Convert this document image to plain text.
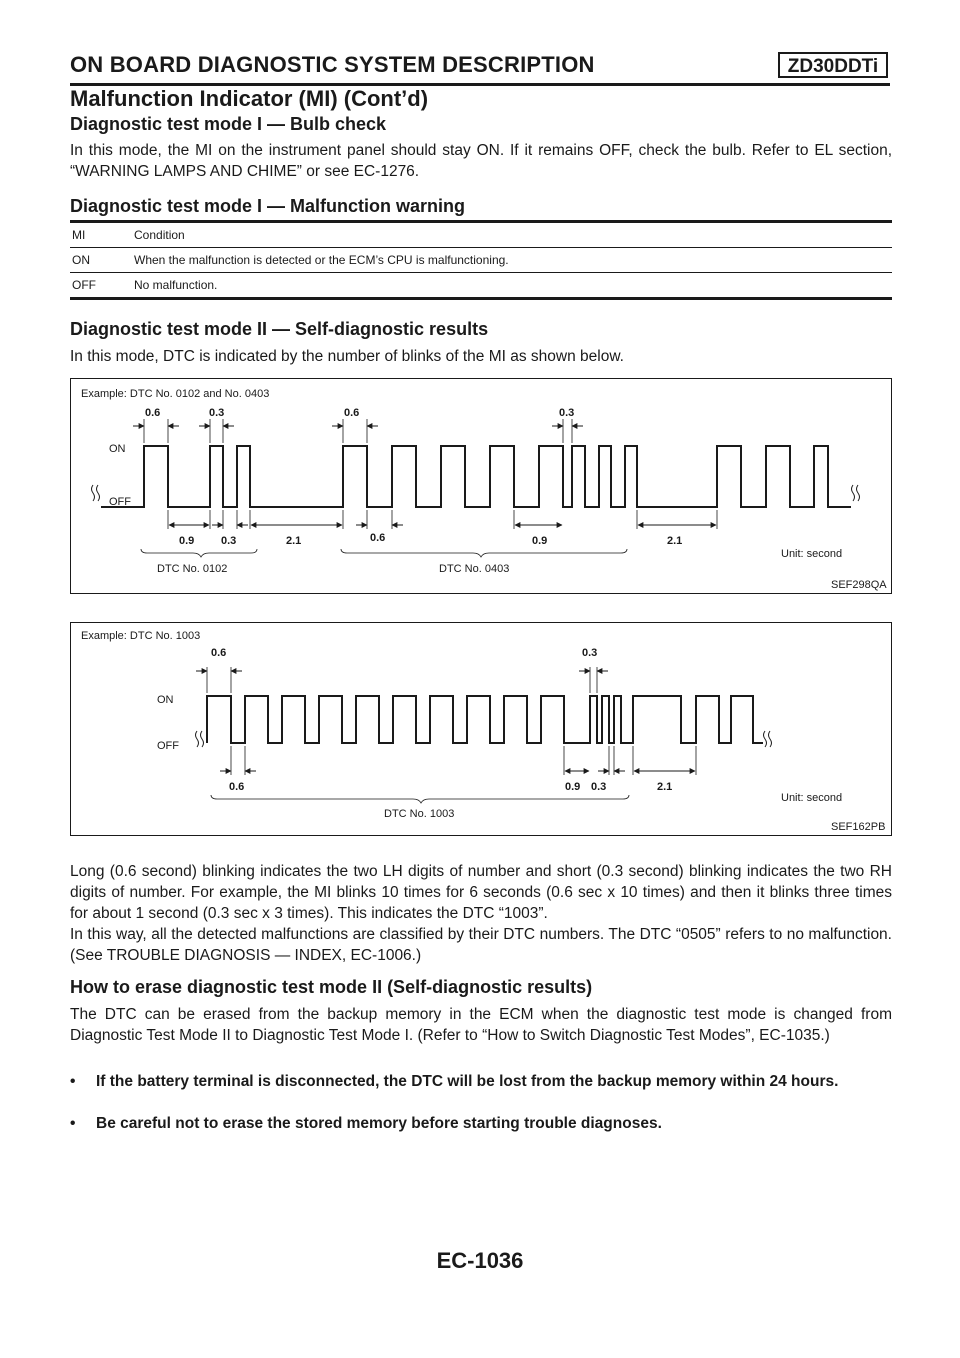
ON BOARD DIAGNOSTIC SYSTEM DESCRIPTION	ZD30DDTi
Malfunction Indicator (MI) (Cont’d)
Diagnostic test mode I — Bulb check
In this mode, the MI on the instrument panel should stay ON. If it remains OFF, check the bulb. Refer to EL section, “WARNING LAMPS AND CHIME” or see EC-1276.
Diagnostic test mode I — Malfunction warning
MI	Condition
ON	When the malfunction is detected or the ECM’s CPU is malfunctioning.
OFF	No malfunction.
Diagnostic test mode II — Self-diagnostic results
In this mode, DTC is indicated by the number of blinks of the MI as shown below.
Example: DTC No. 0102 and No. 0403
ON
OFF
0.6	0.3	0.6	0.3
0.9 0.3	2.1	0.6	0.9	2.1
DTC No. 0102	DTC No. 0403
Unit: second
SEF298QA
Example: DTC No. 1003
ON
OFF
0.6	0.3
0.6	0.9 0.3	2.1
DTC No. 1003
Unit: second
SEF162PB
Long (0.6 second) blinking indicates the two LH digits of number and short (0.3 second) blinking indicates the two RH digits of number. For example, the MI blinks 10 times for 6 seconds (0.6 sec x 10 times) and then it blinks three times for about 1 second (0.3 sec x 3 times). This indicates the DTC “1003”.
In this way, all the detected malfunctions are classified by their DTC numbers. The DTC “0505” refers to no malfunction. (See TROUBLE DIAGNOSIS — INDEX, EC-1006.)
How to erase diagnostic test mode II (Self-diagnostic results)
The DTC can be erased from the backup memory in the ECM when the diagnostic test mode is changed from Diagnostic Test Mode II to Diagnostic Test Mode I. (Refer to “How to Switch Diagnostic Test Modes”, EC-1035.)
• If the battery terminal is disconnected, the DTC will be lost from the backup memory within 24 hours.
• Be careful not to erase the stored memory before starting trouble diagnoses.
EC-1036
